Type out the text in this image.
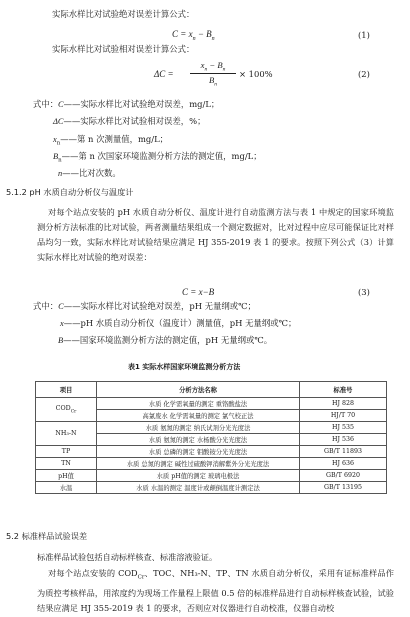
实际水样比对试验绝对误差计算公式：
$C = x_n - B_n$	(1)
实际水样比对试验相对误差计算公式：
ΔC =
$x_n - B_n$
$B_n$
× 100%	(2)
式中： C——实际水样比对试验绝对误差，mg/L；
ΔC——实际水样比对试验相对误差，%；
$x_n——$第 n 次测量值，mg/L；
$B_n——$第 n 次国家环境监测分析方法的测定值，mg/L；
n——比对次数。
5.1.2 pH 水质自动分析仪与温度计
对每个站点安装的 pH 水质自动分析仪、温度计进行自动监测方法与表 1 中规定的国家环境监测分析方法标准的比对试验，两者测量结果组成一个测定数据对，比对过程中应尽可能保证比对样品均匀一致，实际水样比对试验结果应满足 HJ 355-2019 表 1 的要求。按照下列公式（3）计算实际水样比对试验的绝对误差：
C = x−B	(3)
式中：C——实际水样比对试验绝对误差，pH 无量纲或℃；
x——pH 水质自动分析仪（温度计）测量值，pH 无量纲或℃；
B——国家环境监测分析方法的测定值，pH 无量纲或℃。
表1 实际水样国家环境监测分析方法
项目	分析方法名称	标准号
$COD_{Cr}$	水质 化学需氧量的测定 重铬酸盐法	HJ 828
	高氯废水 化学需氧量的测定 氯气校正法	HJ/T 70
NH₃-N	水质 氨氮的测定 纳氏试剂分光光度法	HJ 535
	水质 氨氮的测定 水杨酸分光光度法	HJ 536
TP	水质 总磷的测定 钼酸铵分光光度法	GB/T 11893
TN	水质 总氮的测定 碱性过硫酸钾消解紫外分光光度法	HJ 636
pH值	水质 pH值的测定 玻璃电极法	GB/T 6920
水温	水质 水温的测定 温度计或颠倒温度计测定法	GB/T 13195
5.2 标准样品试验误差
标准样品试验包括自动标样核查、标准溶液验证。
对每个站点安装的 $COD_{Cr}$、TOC、NH₃-N、TP、TN 水质自动分析仪，采用有证标准样品作为质控考核样品，用浓度约为现场工作量程上限值 0.5 倍的标准样品进行自动标样核查试验，试验结果应满足 HJ 355-2019 表 1 的要求，否则应对仪器进行自动校准，仪器自动校
